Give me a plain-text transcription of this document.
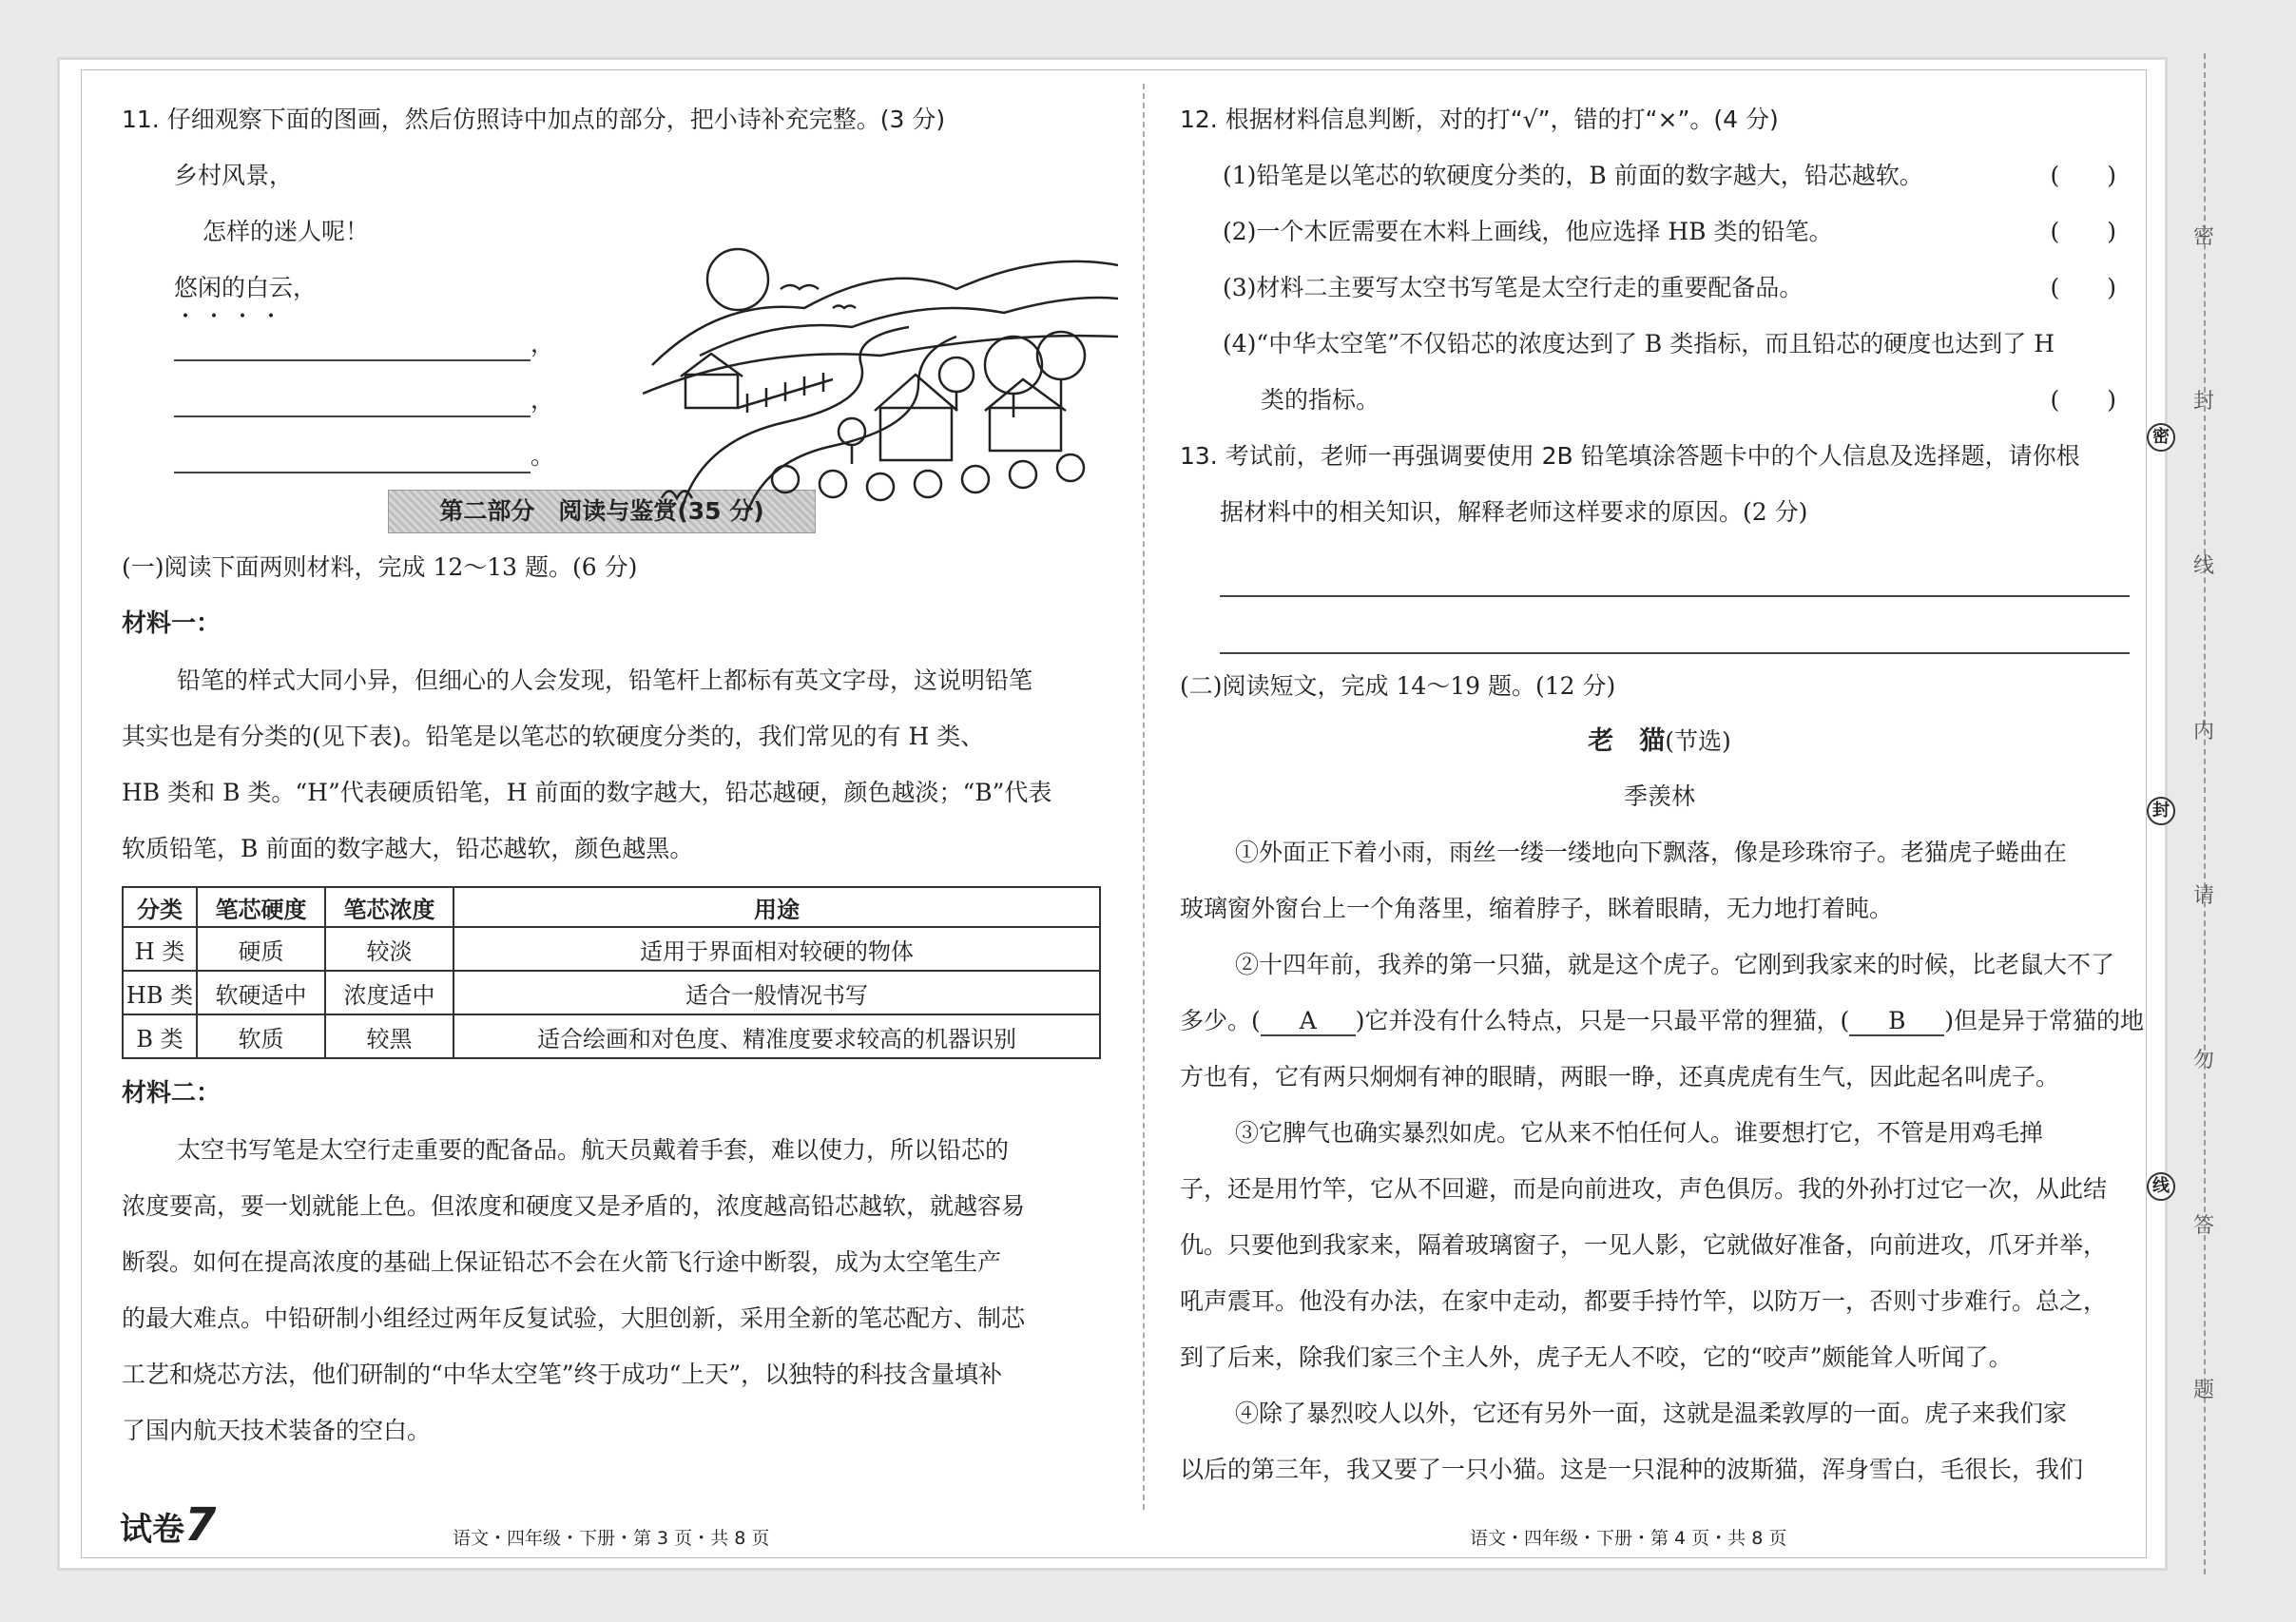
11. 仔细观察下面的图画，然后仿照诗中加点的部分，把小诗补充完整。(3 分)
乡村风景，
怎样的迷人呢！
悠闲的白云，
• • • •
，
，
。
第二部分　阅读与鉴赏(35 分)
(一)阅读下面两则材料，完成 12～13 题。(6 分)
材料一：
铅笔的样式大同小异，但细心的人会发现，铅笔杆上都标有英文字母，这说明铅笔
其实也是有分类的(见下表)。铅笔是以笔芯的软硬度分类的，我们常见的有 H 类、
HB 类和 B 类。“H”代表硬质铅笔，H 前面的数字越大，铅芯越硬，颜色越淡；“B”代表
软质铅笔，B 前面的数字越大，铅芯越软，颜色越黑。
分类	笔芯硬度	笔芯浓度	用途
H 类	硬质	较淡	适用于界面相对较硬的物体
HB 类	软硬适中	浓度适中	适合一般情况书写
B 类	软质	较黑	适合绘画和对色度、精准度要求较高的机器识别
材料二：
太空书写笔是太空行走重要的配备品。航天员戴着手套，难以使力，所以铅芯的
浓度要高，要一划就能上色。但浓度和硬度又是矛盾的，浓度越高铅芯越软，就越容易
断裂。如何在提高浓度的基础上保证铅芯不会在火箭飞行途中断裂，成为太空笔生产
的最大难点。中铅研制小组经过两年反复试验，大胆创新，采用全新的笔芯配方、制芯
工艺和烧芯方法，他们研制的“中华太空笔”终于成功“上天”，以独特的科技含量填补
了国内航天技术装备的空白。
12. 根据材料信息判断，对的打“√”，错的打“×”。(4 分)
(1)铅笔是以笔芯的软硬度分类的，B 前面的数字越大，铅芯越软。	(　　)
(2)一个木匠需要在木料上画线，他应选择 HB 类的铅笔。	(　　)
(3)材料二主要写太空书写笔是太空行走的重要配备品。	(　　)
(4)“中华太空笔”不仅铅芯的浓度达到了 B 类指标，而且铅芯的硬度也达到了 H
类的指标。	(　　)
13. 考试前，老师一再强调要使用 2B 铅笔填涂答题卡中的个人信息及选择题，请你根
据材料中的相关知识，解释老师这样要求的原因。(2 分)
(二)阅读短文，完成 14～19 题。(12 分)
老　猫(节选)
季羡林
①外面正下着小雨，雨丝一缕一缕地向下飘落，像是珍珠帘子。老猫虎子蜷曲在
玻璃窗外窗台上一个角落里，缩着脖子，眯着眼睛，无力地打着盹。
②十四年前，我养的第一只猫，就是这个虎子。它刚到我家来的时候，比老鼠大不了
多少。( A )它并没有什么特点，只是一只最平常的狸猫，( B )但是异于常猫的地
方也有，它有两只炯炯有神的眼睛，两眼一睁，还真虎虎有生气，因此起名叫虎子。
③它脾气也确实暴烈如虎。它从来不怕任何人。谁要想打它，不管是用鸡毛掸
子，还是用竹竿，它从不回避，而是向前进攻，声色俱厉。我的外孙打过它一次，从此结
仇。只要他到我家来，隔着玻璃窗子，一见人影，它就做好准备，向前进攻，爪牙并举，
吼声震耳。他没有办法，在家中走动，都要手持竹竿，以防万一，否则寸步难行。总之，
到了后来，除我们家三个主人外，虎子无人不咬，它的“咬声”颇能耸人听闻了。
④除了暴烈咬人以外，它还有另外一面，这就是温柔敦厚的一面。虎子来我们家
以后的第三年，我又要了一只小猫。这是一只混种的波斯猫，浑身雪白，毛很长，我们
试卷7	语文・四年级・下册・第 3 页・共 8 页	语文・四年级・下册・第 4 页・共 8 页
密
封
线
内
请
勿
答
题
密
封
线
